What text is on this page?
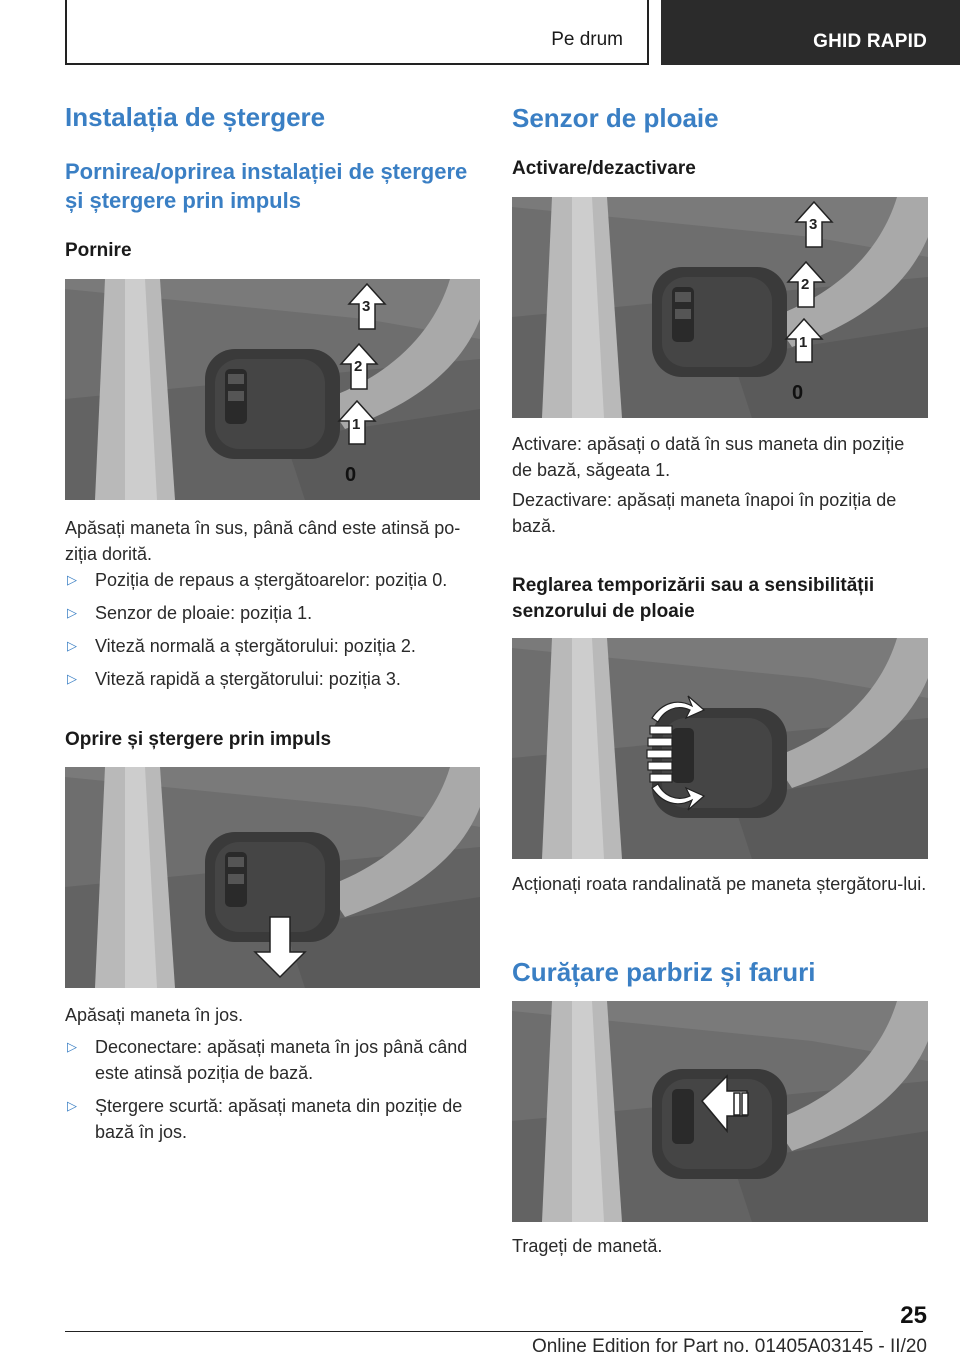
Pe drum	GHID RAPID
Instalația de ștergere
Pornirea/oprirea instalației de ștergere și ștergere prin impuls
Pornire
3
2
1
0
Apăsați maneta în sus, până când este atinsă po-ziția dorită.
▷ Poziția de repaus a ștergătoarelor: poziția 0.
▷ Senzor de ploaie: poziția 1.
▷ Viteză normală a ștergătorului: poziția 2.
▷ Viteză rapidă a ștergătorului: poziția 3.
Oprire și ștergere prin impuls
Apăsați maneta în jos.
▷ Deconectare: apăsați maneta în jos până când este atinsă poziția de bază.
▷ Ștergere scurtă: apăsați maneta din poziție de bază în jos.
Senzor de ploaie
Activare/dezactivare
3
2
1
0
Activare: apăsați o dată în sus maneta din poziție de bază, săgeata 1.
Dezactivare: apăsați maneta înapoi în poziția de bază.
Reglarea temporizării sau a sensibilității senzorului de ploaie
Acționați roata randalinată pe maneta ștergătoru-lui.
Curățare parbriz și faruri
Trageți de manetă.
25
Online Edition for Part no. 01405A03145 - II/20
